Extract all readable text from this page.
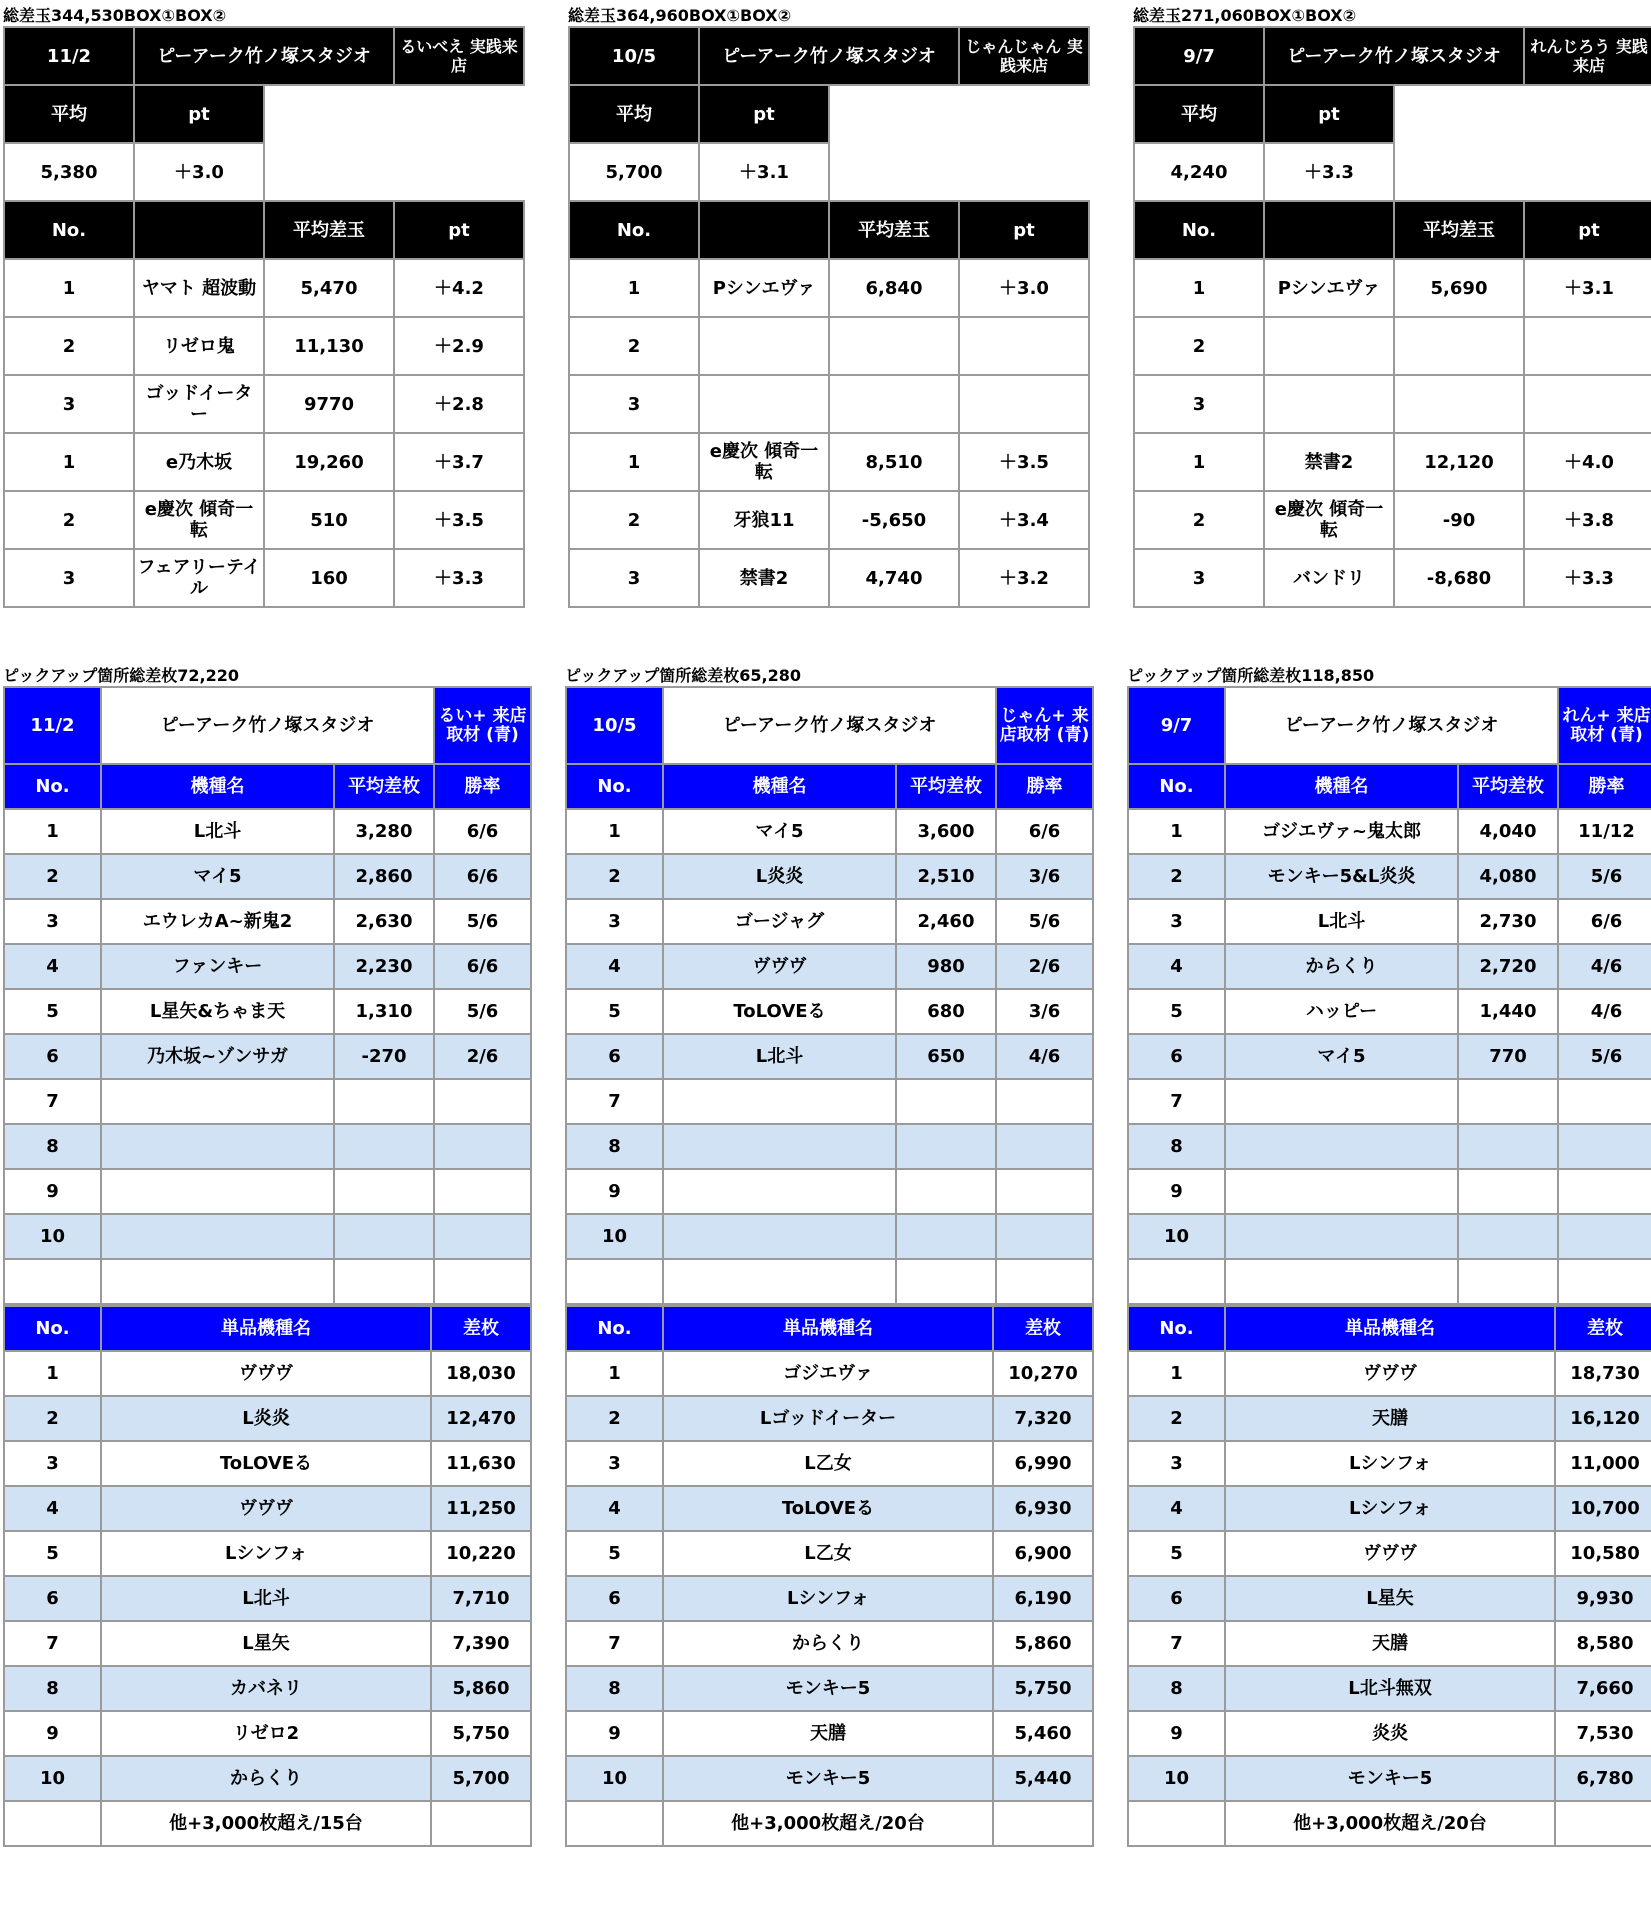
総差玉344,530BOX①BOX②
11/2	ピーアーク竹ノ塚スタジオ		るいべえ 実践来店
平均	pt		
5,380	＋3.0		
No.		平均差玉	pt

1	ヤマト 超波動	5,470	＋4.2
2	リゼロ鬼	11,130	＋2.9
3	ゴッドイーター	9770	＋2.8

1	e乃木坂	19,260	＋3.7
2	e慶次 傾奇一転	510	＋3.5
3	フェアリーテイル	160	＋3.3
総差玉364,960BOX①BOX②
10/5	ピーアーク竹ノ塚スタジオ		じゃんじゃん 実践来店
平均	pt		
5,700	＋3.1		
No.		平均差玉	pt

1	Pシンエヴァ	6,840	＋3.0
2			
3			

1	e慶次 傾奇一転	8,510	＋3.5
2	牙狼11	-5,650	＋3.4
3	禁書2	4,740	＋3.2
総差玉271,060BOX①BOX②
9/7	ピーアーク竹ノ塚スタジオ		れんじろう 実践来店
平均	pt		
4,240	＋3.3		
No.		平均差玉	pt

1	Pシンエヴァ	5,690	＋3.1
2			
3			

1	禁書2	12,120	＋4.0
2	e慶次 傾奇一転	-90	＋3.8
3	バンドリ	-8,680	＋3.3
ピックアップ箇所総差枚72,220
11/2	ピーアーク竹ノ塚スタジオ		るい+ 来店取材 (青)

No.	機種名	平均差枚	勝率
1	L北斗	3,280	6/6
2	マイ5	2,860	6/6
3	エウレカA~新鬼2	2,630	5/6
4	ファンキー	2,230	6/6
5	L星矢&ちゃま天	1,310	5/6
6	乃木坂~ゾンサガ	-270	2/6
7			
8			
9			
10			

No.	単品機種名	差枚
1	ヴヴヴ	18,030
2	L炎炎	12,470
3	ToLOVEる	11,630
4	ヴヴヴ	11,250
5	Lシンフォ	10,220
6	L北斗	7,710
7	L星矢	7,390
8	カバネリ	5,860
9	リゼロ2	5,750
10	からくり	5,700
	他+3,000枚超え/15台	
ピックアップ箇所総差枚65,280
10/5	ピーアーク竹ノ塚スタジオ		じゃん+ 来店取材 (青)

No.	機種名	平均差枚	勝率
1	マイ5	3,600	6/6
2	L炎炎	2,510	3/6
3	ゴージャグ	2,460	5/6
4	ヴヴヴ	980	2/6
5	ToLOVEる	680	3/6
6	L北斗	650	4/6
7			
8			
9			
10			

No.	単品機種名	差枚
1	ゴジエヴァ	10,270
2	Lゴッドイーター	7,320
3	L乙女	6,990
4	ToLOVEる	6,930
5	L乙女	6,900
6	Lシンフォ	6,190
7	からくり	5,860
8	モンキー5	5,750
9	天膳	5,460
10	モンキー5	5,440
	他+3,000枚超え/20台	
ピックアップ箇所総差枚118,850
9/7	ピーアーク竹ノ塚スタジオ		れん+ 来店取材 (青)

No.	機種名	平均差枚	勝率
1	ゴジエヴァ~鬼太郎	4,040	11/12
2	モンキー5&L炎炎	4,080	5/6
3	L北斗	2,730	6/6
4	からくり	2,720	4/6
5	ハッピー	1,440	4/6
6	マイ5	770	5/6
7			
8			
9			
10			

No.	単品機種名	差枚
1	ヴヴヴ	18,730
2	天膳	16,120
3	Lシンフォ	11,000
4	Lシンフォ	10,700
5	ヴヴヴ	10,580
6	L星矢	9,930
7	天膳	8,580
8	L北斗無双	7,660
9	炎炎	7,530
10	モンキー5	6,780
	他+3,000枚超え/20台	
